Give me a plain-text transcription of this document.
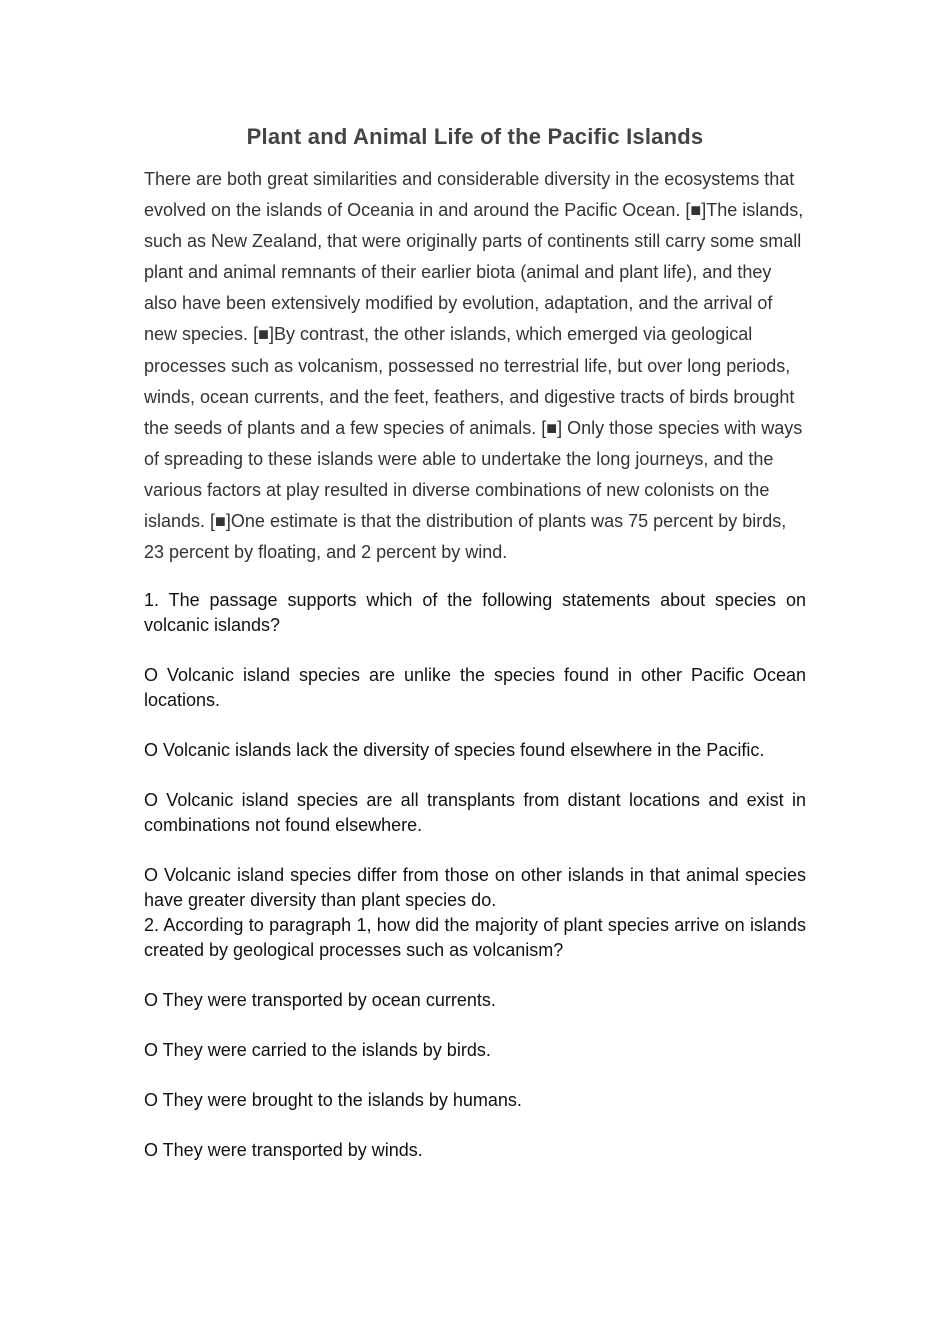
Plant and Animal Life of the Pacific Islands

There are both great similarities and considerable diversity in the ecosystems that evolved on the islands of Oceania in and around the Pacific Ocean. [■]The islands, such as New Zealand, that were originally parts of continents still carry some small plant and animal remnants of their earlier biota (animal and plant life), and they also have been extensively modified by evolution, adaptation, and the arrival of new species. [■]By contrast, the other islands, which emerged via geological processes such as volcanism, possessed no terrestrial life, but over long periods, winds, ocean currents, and the feet, feathers, and digestive tracts of birds brought the seeds of plants and a few species of animals. [■] Only those species with ways of spreading to these islands were able to undertake the long journeys, and the various factors at play resulted in diverse combinations of new colonists on the islands. [■]One estimate is that the distribution of plants was 75 percent by birds, 23 percent by floating, and 2 percent by wind.

1. The passage supports which of the following statements about species on volcanic islands?

O Volcanic island species are unlike the species found in other Pacific Ocean locations.

O Volcanic islands lack the diversity of species found elsewhere in the Pacific.

O Volcanic island species are all transplants from distant locations and exist in combinations not found elsewhere.

O Volcanic island species differ from those on other islands in that animal species have greater diversity than plant species do.

2. According to paragraph 1, how did the majority of plant species arrive on islands created by geological processes such as volcanism?

O They were transported by ocean currents.

O They were carried to the islands by birds.

O They were brought to the islands by humans.

O They were transported by winds.
